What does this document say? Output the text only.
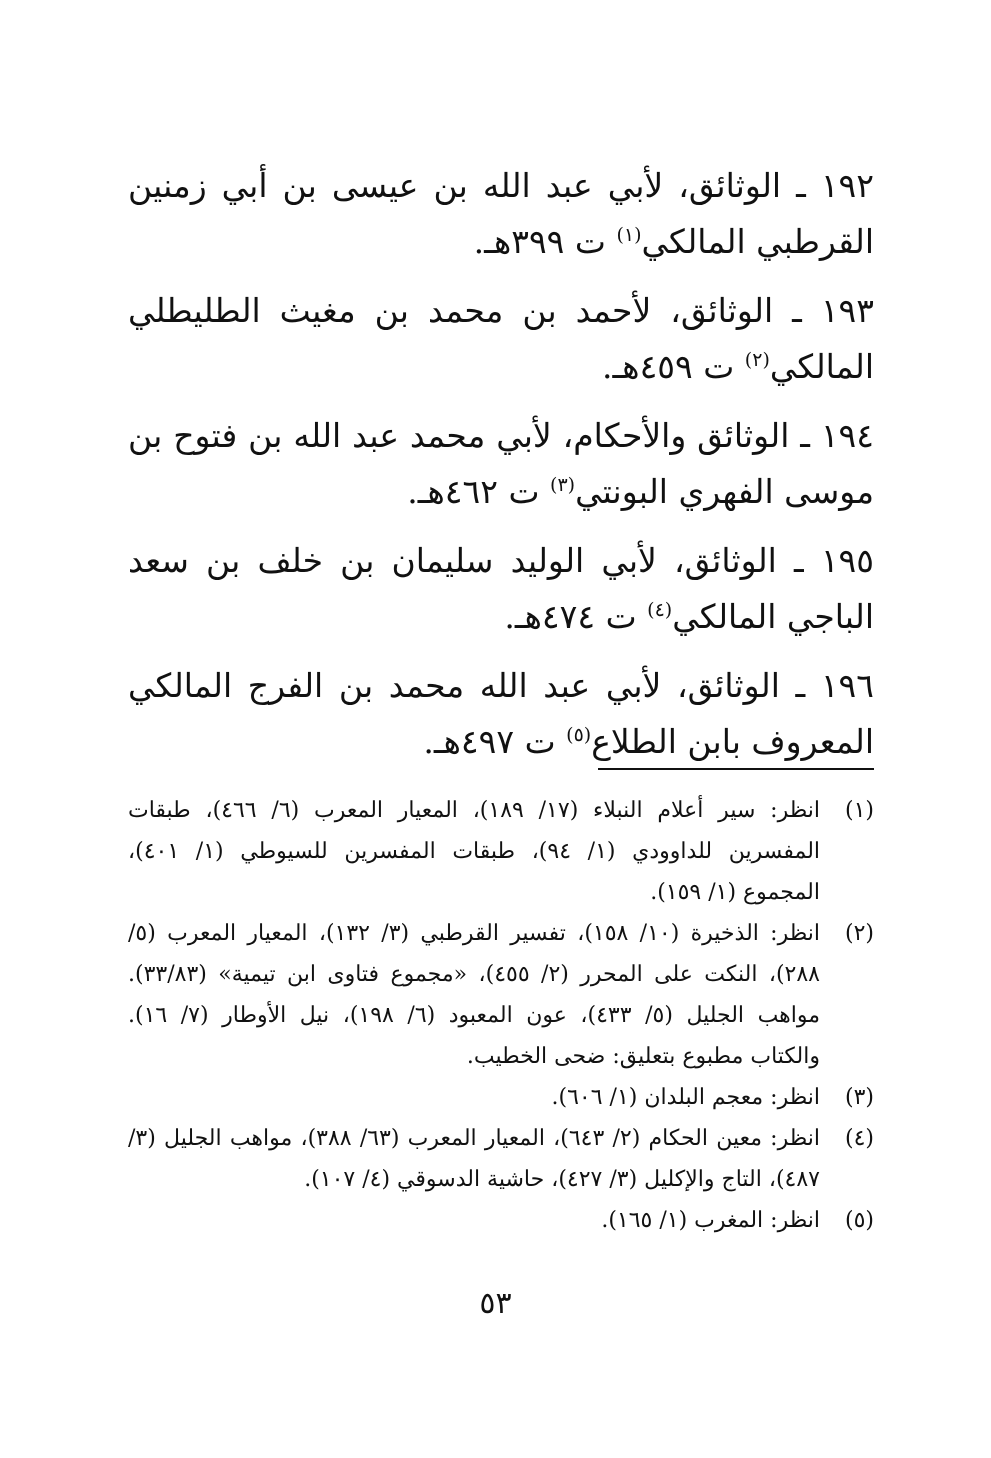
١٩٢ ـ الوثائق، لأبي عبد الله بن عيسى بن أبي زمنين القرطبي المالكي$^{(١)}$ ت ٣٩٩هـ.

١٩٣ ـ الوثائق، لأحمد بن محمد بن مغيث الطليطلي المالكي$^{(٢)}$ ت ٤٥٩هـ.

١٩٤ ـ الوثائق والأحكام، لأبي محمد عبد الله بن فتوح بن موسى الفهري البونتي$^{(٣)}$ ت ٤٦٢هـ.

١٩٥ ـ الوثائق، لأبي الوليد سليمان بن خلف بن سعد الباجي المالكي$^{(٤)}$ ت ٤٧٤هـ.

١٩٦ ـ الوثائق، لأبي عبد الله محمد بن الفرج المالكي المعروف بابن الطلاع$^{(٥)}$ ت ٤٩٧هـ.

(١)
انظر: سير أعلام النبلاء (١٧/ ١٨٩)، المعيار المعرب (٦/ ٤٦٦)، طبقات المفسرين للداوودي (١/ ٩٤)، طبقات المفسرين للسيوطي (١/ ٤٠١)، المجموع (١/ ١٥٩).
(٢)
انظر: الذخيرة (١٠/ ١٥٨)، تفسير القرطبي (٣/ ١٣٢)، المعيار المعرب (٥/ ٢٨٨)، النكت على المحرر (٢/ ٤٥٥)، «مجموع فتاوى ابن تيمية» (٣٣/٨٣). مواهب الجليل (٥/ ٤٣٣)، عون المعبود (٦/ ١٩٨)، نيل الأوطار (٧/ ١٦). والكتاب مطبوع بتعليق: ضحى الخطيب.
(٣)
انظر: معجم البلدان (١/ ٦٠٦).
(٤)
انظر: معين الحكام (٢/ ٦٤٣)، المعيار المعرب (٦٣/ ٣٨٨)، مواهب الجليل (٣/ ٤٨٧)، التاج والإكليل (٣/ ٤٢٧)، حاشية الدسوقي (٤/ ١٠٧).
(٥)
انظر: المغرب (١/ ١٦٥).
٥٣
